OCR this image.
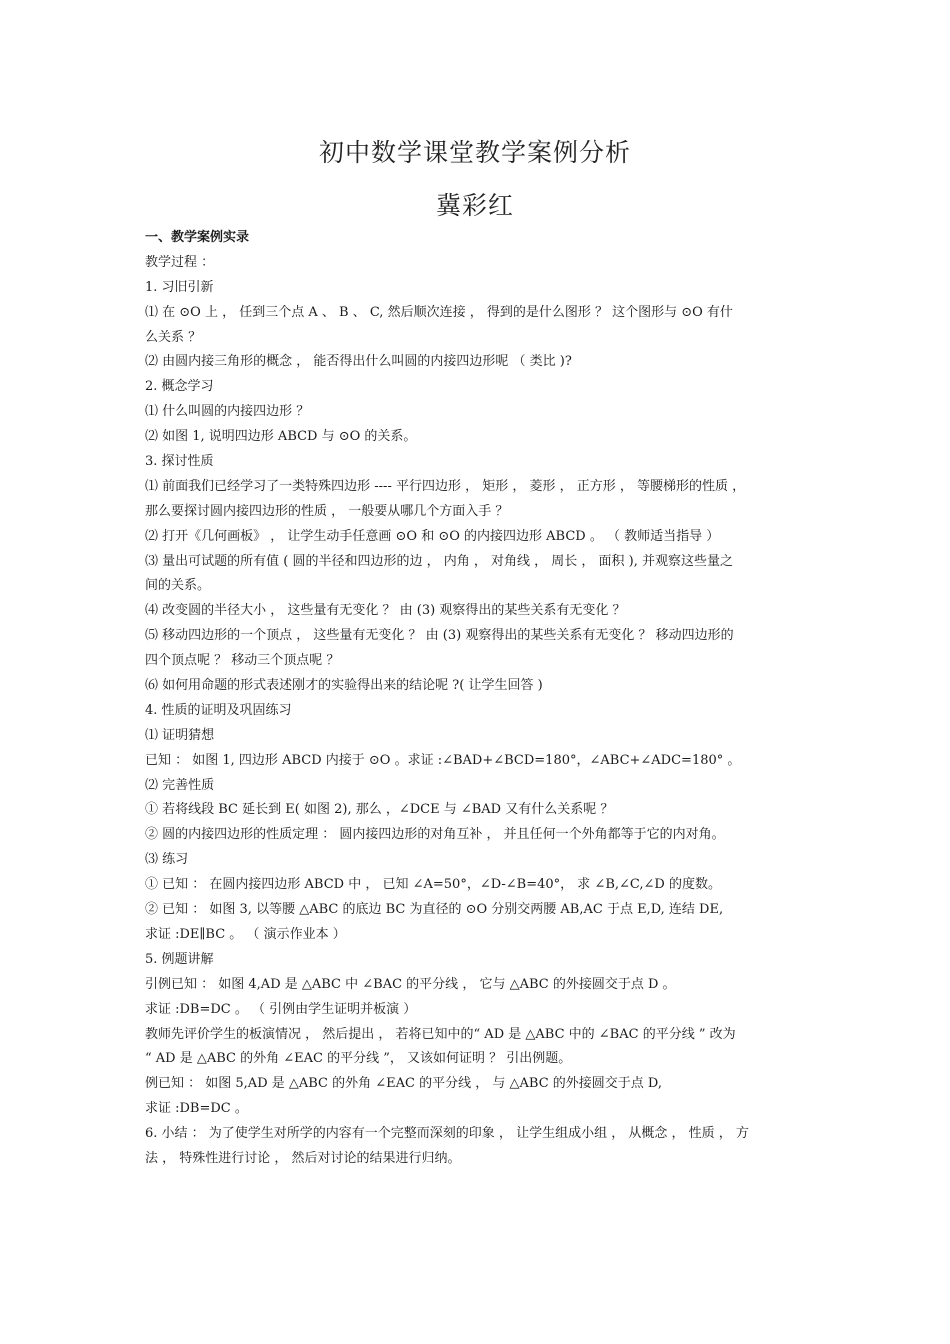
初中数学课堂教学案例分析
冀彩红
一、教学案例实录
教学过程 ：
1. 习旧引新
⑴ 在 ⊙O 上 ， 任到三个点 A 、 B 、 C, 然后顺次连接 ， 得到的是什么图形 ？ 这个图形与 ⊙O 有什
么关系 ？
⑵ 由圆内接三角形的概念 ， 能否得出什么叫圆的内接四边形呢 （ 类比 )?
2. 概念学习
⑴ 什么叫圆的内接四边形 ？
⑵ 如图 1, 说明四边形 ABCD 与 ⊙O 的关系。
3. 探讨性质
⑴ 前面我们已经学习了一类特殊四边形 ---- 平行四边形 ， 矩形 ， 菱形 ， 正方形 ， 等腰梯形的性质 ，
那么要探讨圆内接四边形的性质 ， 一般要从哪几个方面入手 ？
⑵ 打开《几何画板》 ， 让学生动手任意画 ⊙O 和 ⊙O 的内接四边形 ABCD 。 （ 教师适当指导 ）
⑶ 量出可试题的所有值 ( 圆的半径和四边形的边 ， 内角 ， 对角线 ， 周长 ， 面积 ), 并观察这些量之
间的关系。
⑷ 改变圆的半径大小 ， 这些量有无变化 ？ 由 (3) 观察得出的某些关系有无变化 ？
⑸ 移动四边形的一个顶点 ， 这些量有无变化 ？ 由 (3) 观察得出的某些关系有无变化 ？ 移动四边形的
四个顶点呢 ？ 移动三个顶点呢 ？
⑹ 如何用命题的形式表述刚才的实验得出来的结论呢 ?( 让学生回答 )
4. 性质的证明及巩固练习
⑴ 证明猜想
已知 ： 如图 1, 四边形 ABCD 内接于 ⊙O 。求证 :∠BAD+∠BCD=180°，∠ABC+∠ADC=180° 。
⑵ 完善性质
① 若将线段 BC 延长到 E( 如图 2), 那么 ，∠DCE 与 ∠BAD 又有什么关系呢 ？
② 圆的内接四边形的性质定理 ： 圆内接四边形的对角互补 ， 并且任何一个外角都等于它的内对角。
⑶ 练习
① 已知 ： 在圆内接四边形 ABCD 中 ， 已知 ∠A=50°，∠D-∠B=40°， 求 ∠B,∠C,∠D 的度数。
② 已知 ： 如图 3, 以等腰 △ABC 的底边 BC 为直径的 ⊙O 分别交两腰 AB,AC 于点 E,D, 连结 DE,
求证 :DE∥BC 。 （ 演示作业本 ）
5. 例题讲解
引例已知 ： 如图 4,AD 是 △ABC 中 ∠BAC 的平分线 ， 它与 △ABC 的外接圆交于点 D 。
求证 :DB=DC 。 （ 引例由学生证明并板演 ）
教师先评价学生的板演情况 ， 然后提出 ， 若将已知中的“ AD 是 △ABC 中的 ∠BAC 的平分线 ” 改为
“ AD 是 △ABC 的外角 ∠EAC 的平分线 ”， 又该如何证明 ？ 引出例题。
例已知 ： 如图 5,AD 是 △ABC 的外角 ∠EAC 的平分线 ， 与 △ABC 的外接圆交于点 D,
求证 :DB=DC 。
6. 小结 ： 为了使学生对所学的内容有一个完整而深刻的印象 ， 让学生组成小组 ， 从概念 ， 性质 ， 方
法 ， 特殊性进行讨论 ， 然后对讨论的结果进行归纳。
